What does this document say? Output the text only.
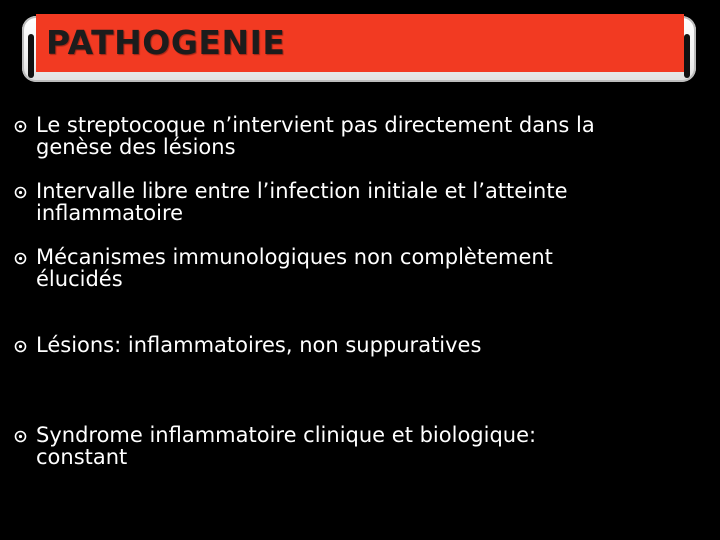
PATHOGENIE
Le streptocoque n’intervient pas directement dans la
genèse des lésions
Intervalle libre entre l’infection initiale et l’atteinte
inflammatoire
Mécanismes immunologiques non complètement
élucidés
Lésions: inflammatoires, non suppuratives
Syndrome inflammatoire clinique et biologique:
constant
